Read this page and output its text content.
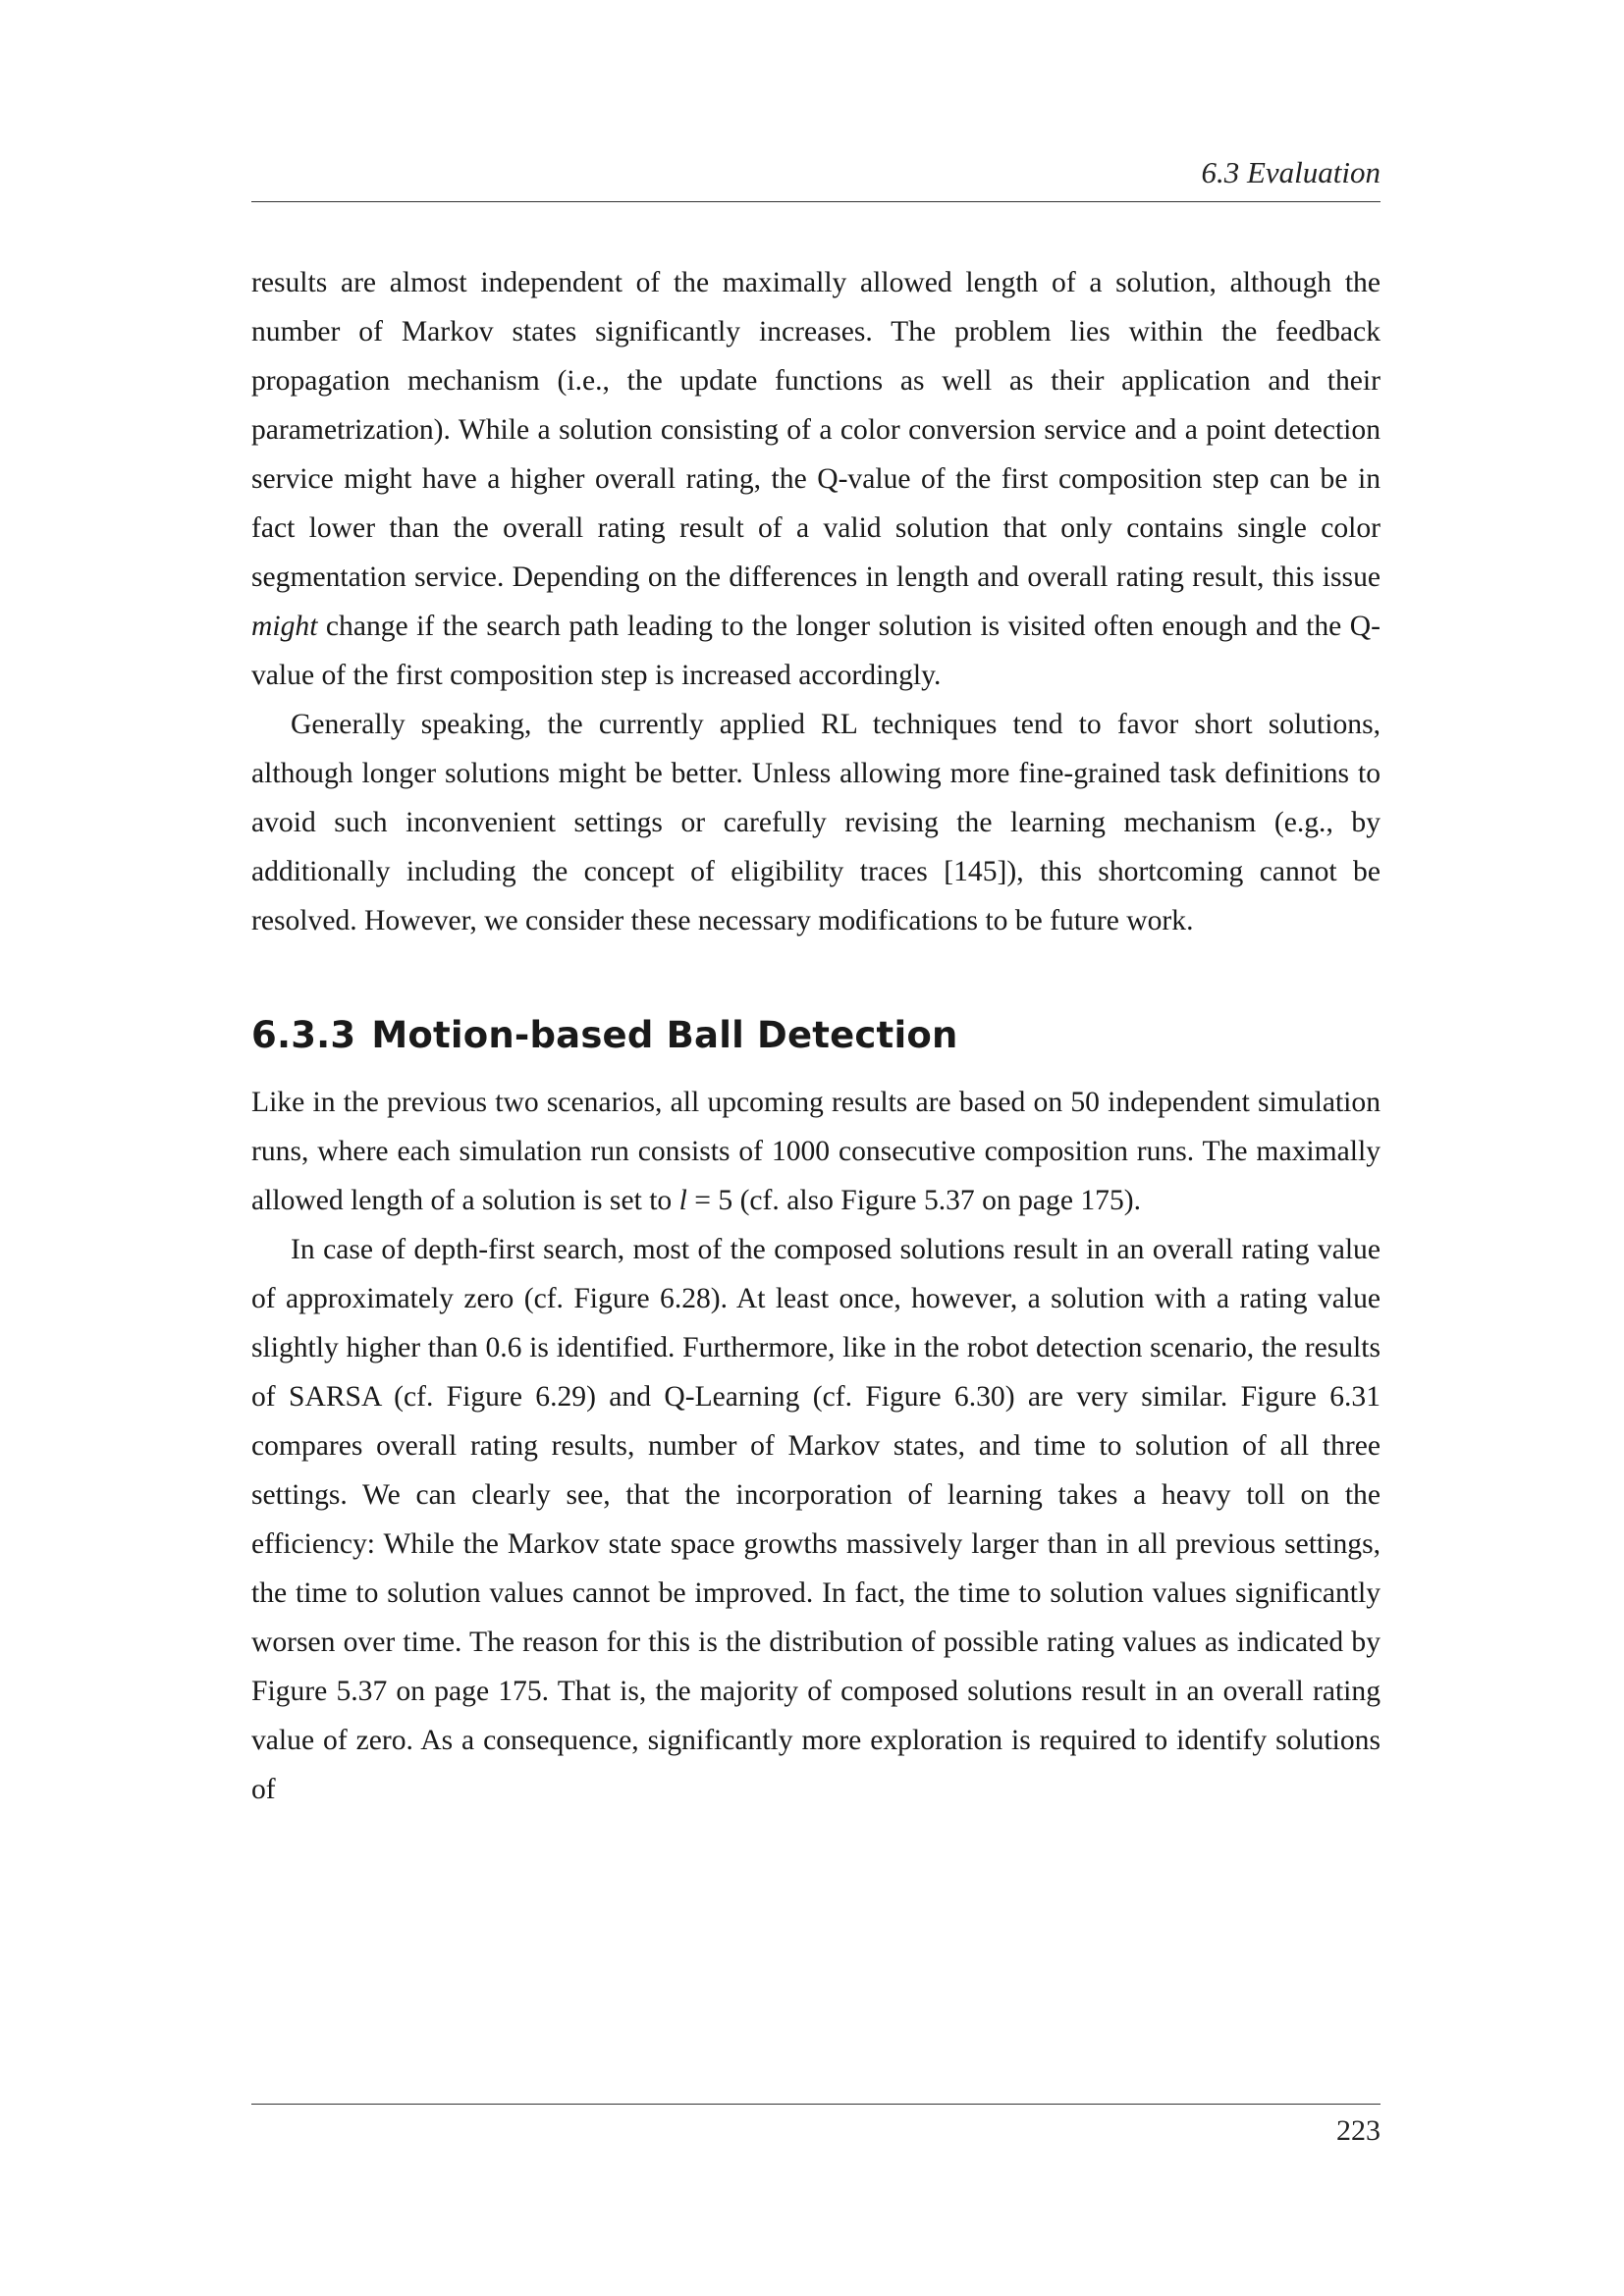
6.3 Evaluation

results are almost independent of the maximally allowed length of a solution, although the number of Markov states significantly increases. The problem lies within the feedback propagation mechanism (i.e., the update functions as well as their application and their parametrization). While a solution consisting of a color conversion service and a point detection service might have a higher overall rating, the Q-value of the first composition step can be in fact lower than the overall rating result of a valid solution that only contains single color segmentation service. Depending on the differences in length and overall rating result, this issue might change if the search path leading to the longer solution is visited often enough and the Q-value of the first composition step is increased accordingly.

Generally speaking, the currently applied RL techniques tend to favor short solutions, although longer solutions might be better. Unless allowing more fine-grained task definitions to avoid such inconvenient settings or carefully revising the learning mechanism (e.g., by additionally including the concept of eligibility traces [145]), this shortcoming cannot be resolved. However, we consider these necessary modifications to be future work.

6.3.3 Motion-based Ball Detection

Like in the previous two scenarios, all upcoming results are based on 50 independent simulation runs, where each simulation run consists of 1000 consecutive composition runs. The maximally allowed length of a solution is set to l = 5 (cf. also Figure 5.37 on page 175).

In case of depth-first search, most of the composed solutions result in an overall rating value of approximately zero (cf. Figure 6.28). At least once, however, a solution with a rating value slightly higher than 0.6 is identified. Furthermore, like in the robot detection scenario, the results of SARSA (cf. Figure 6.29) and Q-Learning (cf. Figure 6.30) are very similar. Figure 6.31 compares overall rating results, number of Markov states, and time to solution of all three settings. We can clearly see, that the incorporation of learning takes a heavy toll on the efficiency: While the Markov state space growths massively larger than in all previous settings, the time to solution values cannot be improved. In fact, the time to solution values significantly worsen over time. The reason for this is the distribution of possible rating values as indicated by Figure 5.37 on page 175. That is, the majority of composed solutions result in an overall rating value of zero. As a consequence, significantly more exploration is required to identify solutions of

223
